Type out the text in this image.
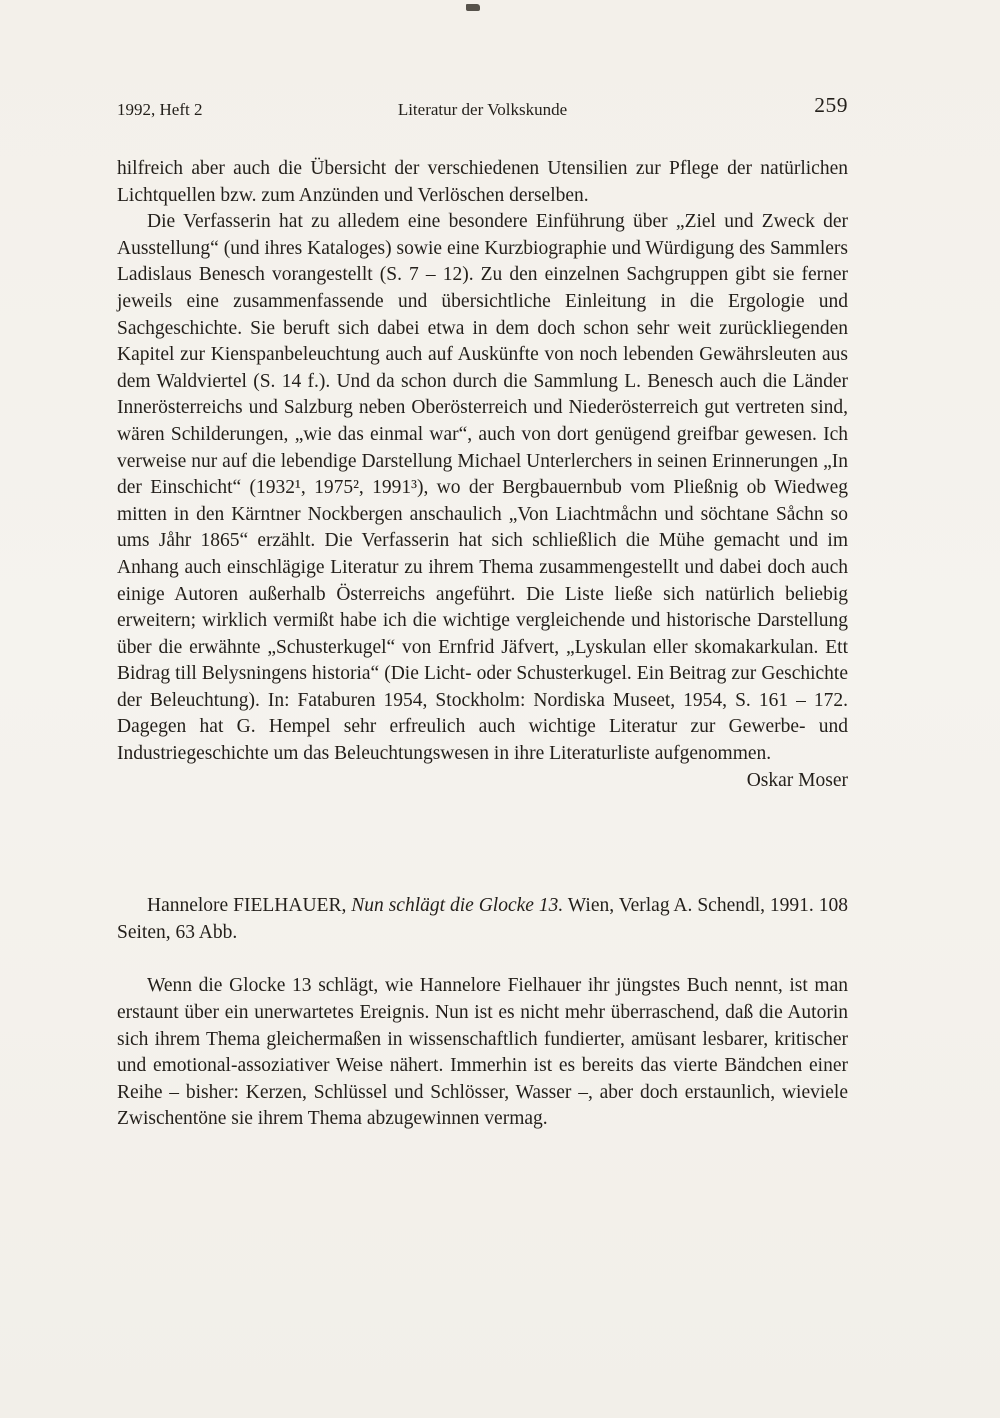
1992, Heft 2	Literatur der Volkskunde	259

hilfreich aber auch die Übersicht der verschiedenen Utensilien zur Pflege der natürlichen Lichtquellen bzw. zum Anzünden und Verlöschen derselben.

Die Verfasserin hat zu alledem eine besondere Einführung über „Ziel und Zweck der Ausstellung“ (und ihres Kataloges) sowie eine Kurzbiographie und Würdigung des Sammlers Ladislaus Benesch vorangestellt (S. 7 – 12). Zu den einzelnen Sachgruppen gibt sie ferner jeweils eine zusammenfassende und übersichtliche Einleitung in die Ergologie und Sachgeschichte. Sie beruft sich dabei etwa in dem doch schon sehr weit zurückliegenden Kapitel zur Kienspanbeleuchtung auch auf Auskünfte von noch lebenden Gewährsleuten aus dem Waldviertel (S. 14 f.). Und da schon durch die Sammlung L. Benesch auch die Länder Innerösterreichs und Salzburg neben Oberösterreich und Niederösterreich gut vertreten sind, wären Schilderungen, „wie das einmal war“, auch von dort genügend greifbar gewesen. Ich verweise nur auf die lebendige Darstellung Michael Unterlerchers in seinen Erinnerungen „In der Einschicht“ (1932¹, 1975², 1991³), wo der Bergbauernbub vom Pließnig ob Wiedweg mitten in den Kärntner Nockbergen anschaulich „Von Liachtmåchn und söchtane Såchn so ums Jåhr 1865“ erzählt. Die Verfasserin hat sich schließlich die Mühe gemacht und im Anhang auch einschlägige Literatur zu ihrem Thema zusammengestellt und dabei doch auch einige Autoren außerhalb Österreichs angeführt. Die Liste ließe sich natürlich beliebig erweitern; wirklich vermißt habe ich die wichtige vergleichende und historische Darstellung über die erwähnte „Schusterkugel“ von Ernfrid Jäfvert, „Lyskulan eller skomakarkulan. Ett Bidrag till Belysningens historia“ (Die Licht- oder Schusterkugel. Ein Beitrag zur Geschichte der Beleuchtung). In: Fataburen 1954, Stockholm: Nordiska Museet, 1954, S. 161 – 172. Dagegen hat G. Hempel sehr erfreulich auch wichtige Literatur zur Gewerbe- und Industriegeschichte um das Beleuchtungswesen in ihre Literaturliste aufgenommen.

Oskar Moser

Hannelore FIELHAUER, Nun schlägt die Glocke 13. Wien, Verlag A. Schendl, 1991. 108 Seiten, 63 Abb.

Wenn die Glocke 13 schlägt, wie Hannelore Fielhauer ihr jüngstes Buch nennt, ist man erstaunt über ein unerwartetes Ereignis. Nun ist es nicht mehr überraschend, daß die Autorin sich ihrem Thema gleichermaßen in wissenschaftlich fundierter, amüsant lesbarer, kritischer und emotional-assoziativer Weise nähert. Immerhin ist es bereits das vierte Bändchen einer Reihe – bisher: Kerzen, Schlüssel und Schlösser, Wasser –, aber doch erstaunlich, wieviele Zwischentöne sie ihrem Thema abzugewinnen vermag.
